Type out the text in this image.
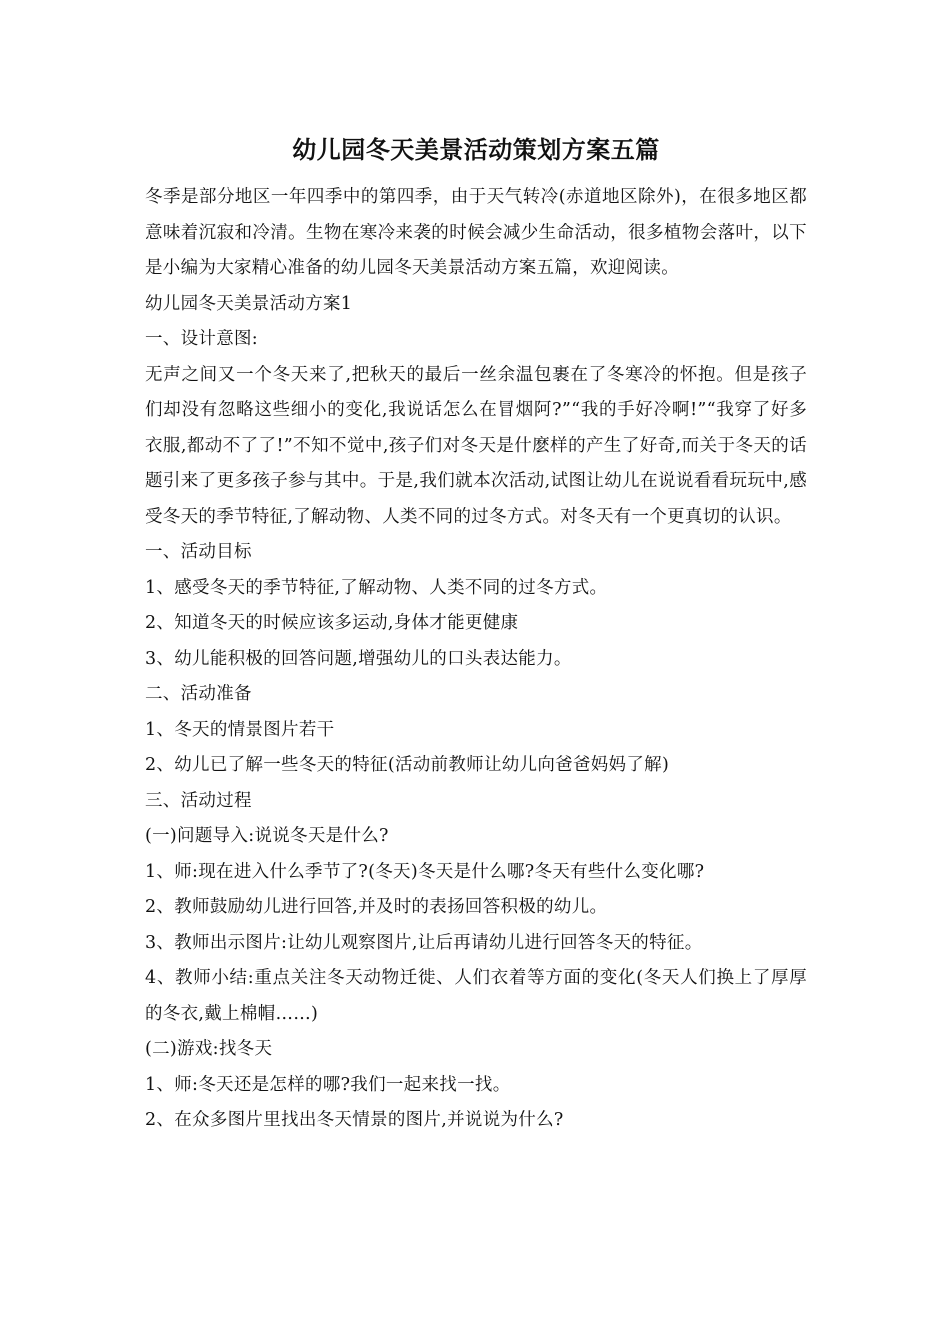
幼儿园冬天美景活动策划方案五篇

冬季是部分地区一年四季中的第四季，由于天气转冷(赤道地区除外)，在很多地区都意味着沉寂和冷清。生物在寒冷来袭的时候会减少生命活动，很多植物会落叶，以下是小编为大家精心准备的幼儿园冬天美景活动方案五篇，欢迎阅读。

幼儿园冬天美景活动方案1

一、设计意图:

无声之间又一个冬天来了,把秋天的最后一丝余温包裹在了冬寒冷的怀抱。但是孩子们却没有忽略这些细小的变化,我说话怎么在冒烟阿?”“我的手好冷啊!”“我穿了好多衣服,都动不了了!”不知不觉中,孩子们对冬天是什麽样的产生了好奇,而关于冬天的话题引来了更多孩子参与其中。于是,我们就本次活动,试图让幼儿在说说看看玩玩中,感受冬天的季节特征,了解动物、人类不同的过冬方式。对冬天有一个更真切的认识。

一、活动目标

1、感受冬天的季节特征,了解动物、人类不同的过冬方式。

2、知道冬天的时候应该多运动,身体才能更健康

3、幼儿能积极的回答问题,增强幼儿的口头表达能力。

二、活动准备

1、冬天的情景图片若干

2、幼儿已了解一些冬天的特征(活动前教师让幼儿向爸爸妈妈了解)

三、活动过程

(一)问题导入:说说冬天是什么?

1、师:现在进入什么季节了?(冬天)冬天是什么哪?冬天有些什么变化哪?

2、教师鼓励幼儿进行回答,并及时的表扬回答积极的幼儿。

3、教师出示图片:让幼儿观察图片,让后再请幼儿进行回答冬天的特征。

4、教师小结:重点关注冬天动物迁徙、人们衣着等方面的变化(冬天人们换上了厚厚的冬衣,戴上棉帽……)

(二)游戏:找冬天

1、师:冬天还是怎样的哪?我们一起来找一找。

2、在众多图片里找出冬天情景的图片,并说说为什么?
